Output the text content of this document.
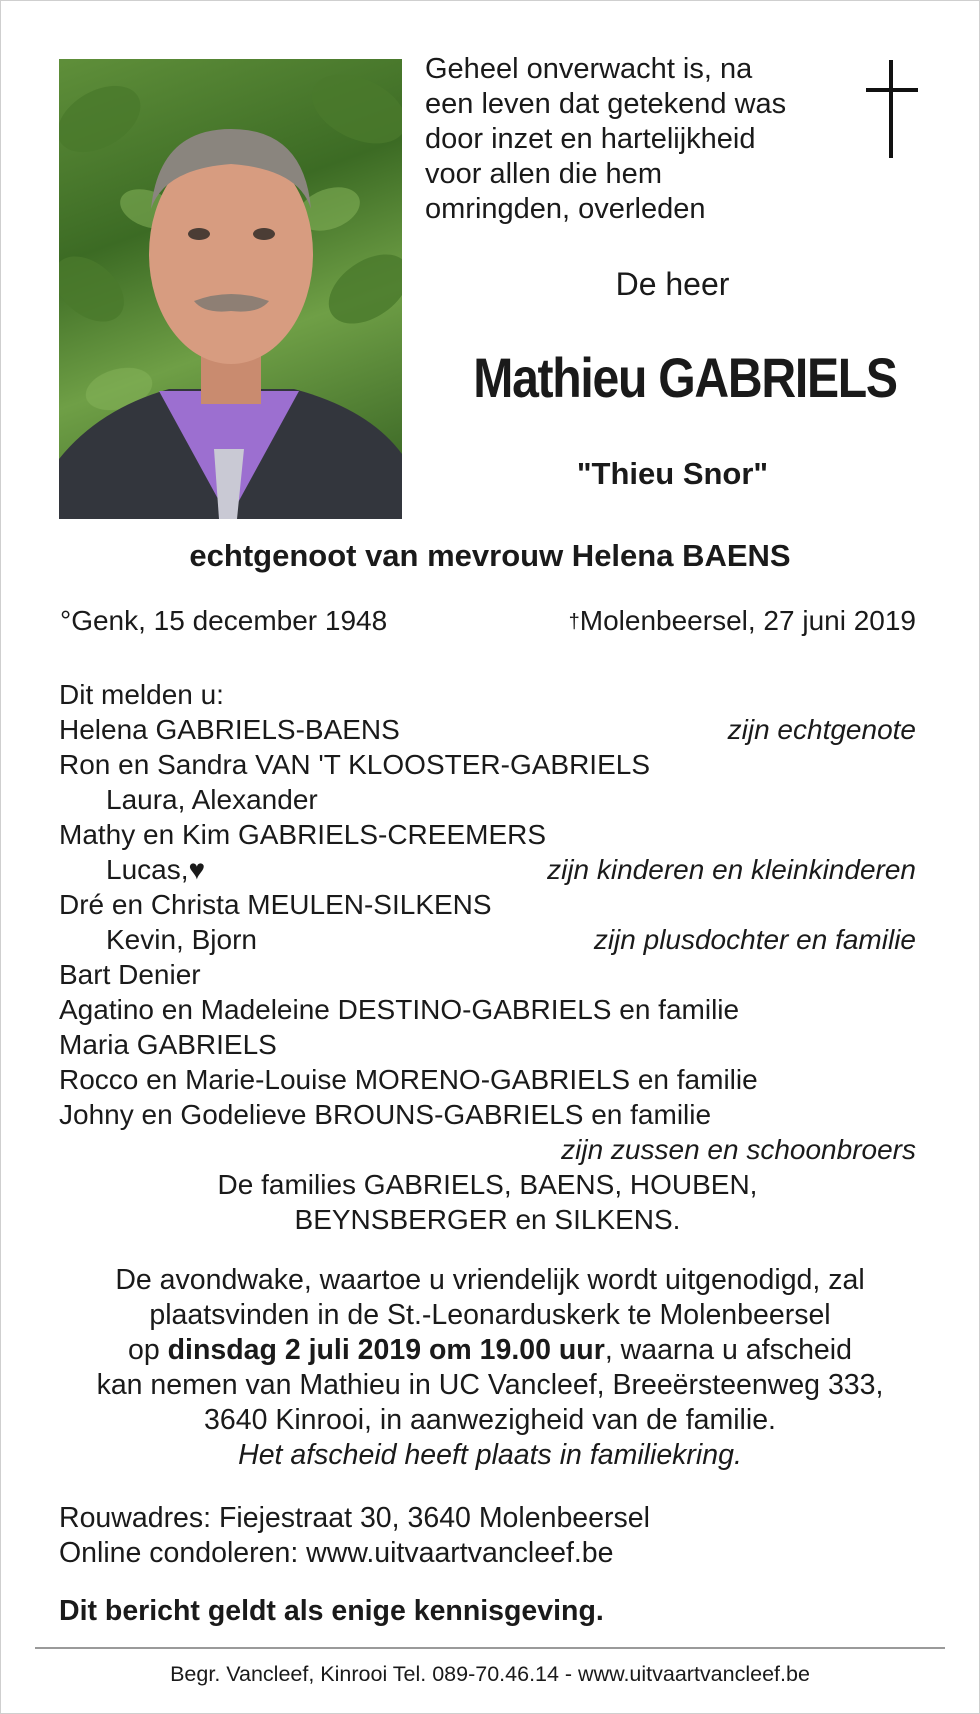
Geheel onverwacht is, na
een leven dat getekend was
door inzet en hartelijkheid
voor allen die hem
omringden, overleden
De heer
Mathieu GABRIELS
"Thieu Snor"
echtgenoot van mevrouw Helena BAENS
°Genk, 15 december 1948	†Molenbeersel, 27 juni 2019
Dit melden u:
Helena GABRIELS-BAENS	zijn echtgenote
Ron en Sandra VAN 'T KLOOSTER-GABRIELS
Laura, Alexander
Mathy en Kim GABRIELS-CREEMERS
Lucas,♥	zijn kinderen en kleinkinderen
Dré en Christa MEULEN-SILKENS
Kevin, Bjorn	zijn plusdochter en familie
Bart Denier
Agatino en Madeleine DESTINO-GABRIELS en familie
Maria GABRIELS
Rocco en Marie-Louise MORENO-GABRIELS en familie
Johny en Godelieve BROUNS-GABRIELS en familie
zijn zussen en schoonbroers
De families GABRIELS, BAENS, HOUBEN,
BEYNSBERGER en SILKENS.
De avondwake, waartoe u vriendelijk wordt uitgenodigd, zal
plaatsvinden in de St.-Leonarduskerk te Molenbeersel
op dinsdag 2 juli 2019 om 19.00 uur, waarna u afscheid
kan nemen van Mathieu in UC Vancleef, Breeërsteenweg 333,
3640 Kinrooi, in aanwezigheid van de familie.
Het afscheid heeft plaats in familiekring.
Rouwadres: Fiejestraat 30, 3640 Molenbeersel
Online condoleren: www.uitvaartvancleef.be
Dit bericht geldt als enige kennisgeving.
Begr. Vancleef, Kinrooi Tel. 089-70.46.14 - www.uitvaartvancleef.be
